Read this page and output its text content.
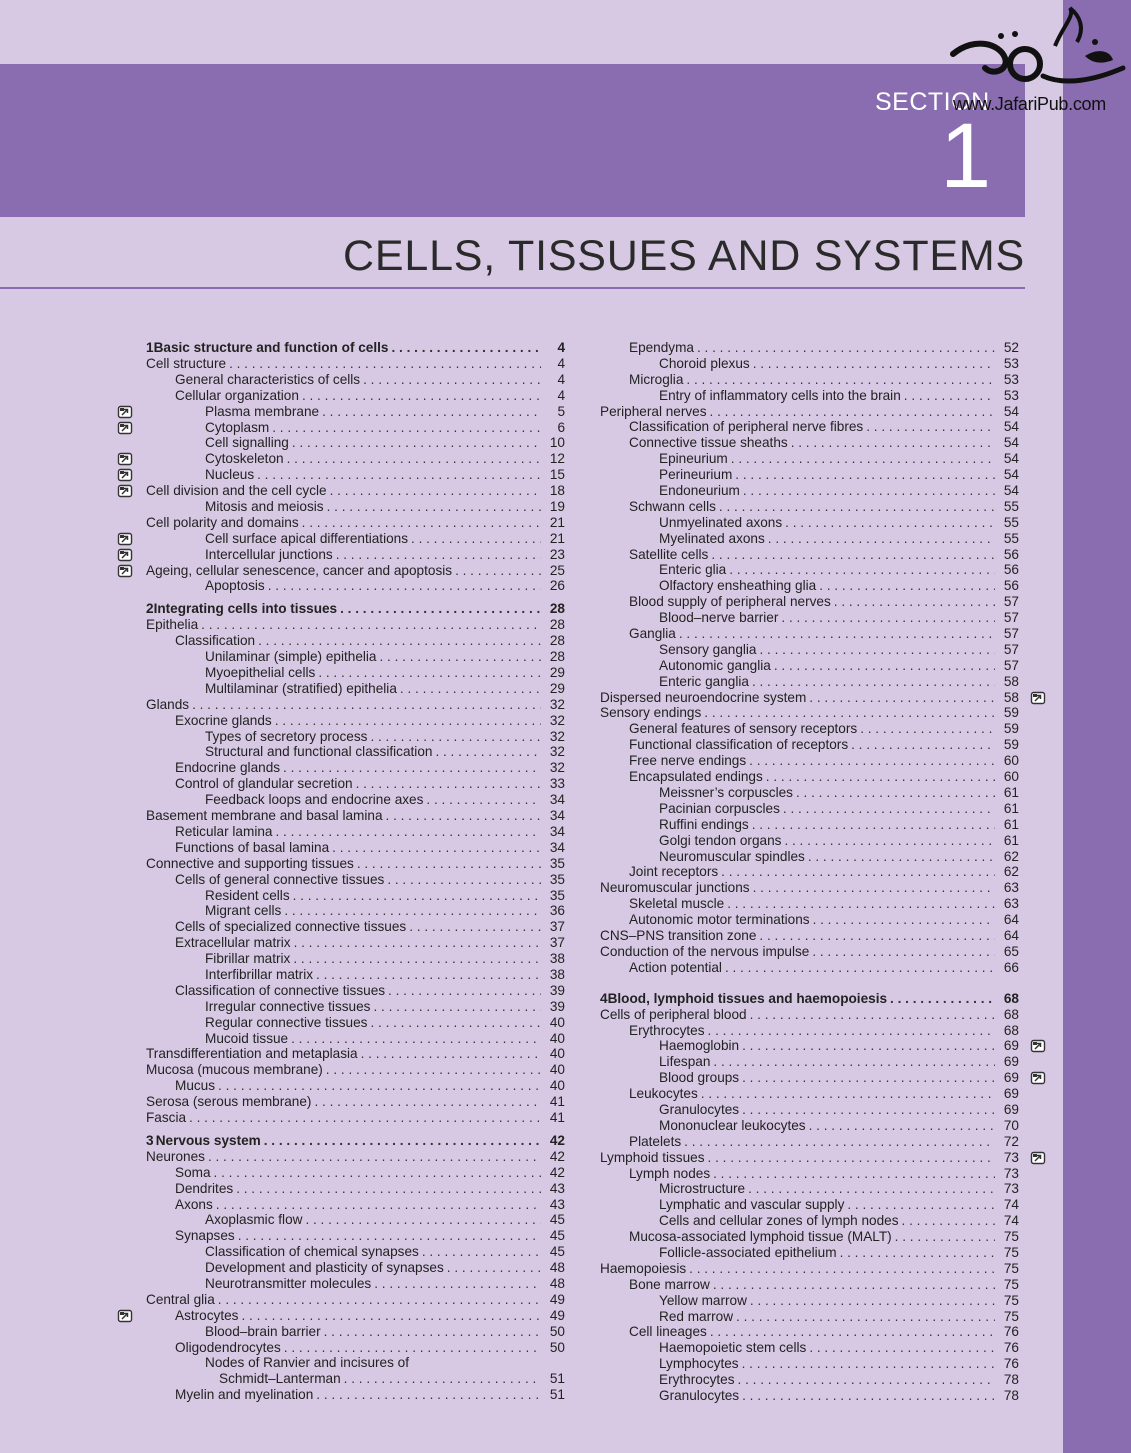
SECTION
1
www.JafariPub.com
CELLS, TISSUES AND SYSTEMS
1 Basic structure and function of cells . . .	4
Cell structure . . .	4
General characteristics of cells . . .	4
Cellular organization . . .	4
Plasma membrane . . .	5
Cytoplasm . . .	6
Cell signalling . . .	10
Cytoskeleton . . .	12
Nucleus . . .	15
Cell division and the cell cycle . . .	18
Mitosis and meiosis . . .	19
Cell polarity and domains . . .	21
Cell surface apical differentiations . . .	21
Intercellular junctions . . .	23
Ageing, cellular senescence, cancer and apoptosis . . .	25
Apoptosis . . .	26
2 Integrating cells into tissues . . .	28
Epithelia . . .	28
Classification . . .	28
Unilaminar (simple) epithelia . . .	28
Myoepithelial cells . . .	29
Multilaminar (stratified) epithelia . . .	29
Glands . . .	32
Exocrine glands . . .	32
Types of secretory process . . .	32
Structural and functional classification . . .	32
Endocrine glands . . .	32
Control of glandular secretion . . .	33
Feedback loops and endocrine axes . . .	34
Basement membrane and basal lamina . . .	34
Reticular lamina . . .	34
Functions of basal lamina . . .	34
Connective and supporting tissues . . .	35
Cells of general connective tissues . . .	35
Resident cells . . .	35
Migrant cells . . .	36
Cells of specialized connective tissues . . .	37
Extracellular matrix . . .	37
Fibrillar matrix . . .	38
Interfibrillar matrix . . .	38
Classification of connective tissues . . .	39
Irregular connective tissues . . .	39
Regular connective tissues . . .	40
Mucoid tissue . . .	40
Transdifferentiation and metaplasia . . .	40
Mucosa (mucous membrane) . . .	40
Mucus . . .	40
Serosa (serous membrane) . . .	41
Fascia . . .	41
3 Nervous system . . .	42
Neurones . . .	42
Soma . . .	42
Dendrites . . .	43
Axons . . .	43
Axoplasmic flow . . .	45
Synapses . . .	45
Classification of chemical synapses . . .	45
Development and plasticity of synapses . . .	48
Neurotransmitter molecules . . .	48
Central glia . . .	49
Astrocytes . . .	49
Blood–brain barrier . . .	50
Oligodendrocytes . . .	50
Nodes of Ranvier and incisures of
Schmidt–Lanterman . . .	51
Myelin and myelination . . .	51
Ependyma . . .	52
Choroid plexus . . .	53
Microglia . . .	53
Entry of inflammatory cells into the brain . . .	53
Peripheral nerves . . .	54
Classification of peripheral nerve fibres . . .	54
Connective tissue sheaths . . .	54
Epineurium . . .	54
Perineurium . . .	54
Endoneurium . . .	54
Schwann cells . . .	55
Unmyelinated axons . . .	55
Myelinated axons . . .	55
Satellite cells . . .	56
Enteric glia . . .	56
Olfactory ensheathing glia . . .	56
Blood supply of peripheral nerves . . .	57
Blood–nerve barrier . . .	57
Ganglia . . .	57
Sensory ganglia . . .	57
Autonomic ganglia . . .	57
Enteric ganglia . . .	58
Dispersed neuroendocrine system . . .	58
Sensory endings . . .	59
General features of sensory receptors . . .	59
Functional classification of receptors . . .	59
Free nerve endings . . .	60
Encapsulated endings . . .	60
Meissner’s corpuscles . . .	61
Pacinian corpuscles . . .	61
Ruffini endings . . .	61
Golgi tendon organs . . .	61
Neuromuscular spindles . . .	62
Joint receptors . . .	62
Neuromuscular junctions . . .	63
Skeletal muscle . . .	63
Autonomic motor terminations . . .	64
CNS–PNS transition zone . . .	64
Conduction of the nervous impulse . . .	65
Action potential . . .	66
4 Blood, lymphoid tissues and haemopoiesis . . .	68
Cells of peripheral blood . . .	68
Erythrocytes . . .	68
Haemoglobin . . .	69
Lifespan . . .	69
Blood groups . . .	69
Leukocytes . . .	69
Granulocytes . . .	69
Mononuclear leukocytes . . .	70
Platelets . . .	72
Lymphoid tissues . . .	73
Lymph nodes . . .	73
Microstructure . . .	73
Lymphatic and vascular supply . . .	74
Cells and cellular zones of lymph nodes . . .	74
Mucosa-associated lymphoid tissue (MALT) . . .	75
Follicle-associated epithelium . . .	75
Haemopoiesis . . .	75
Bone marrow . . .	75
Yellow marrow . . .	75
Red marrow . . .	75
Cell lineages . . .	76
Haemopoietic stem cells . . .	76
Lymphocytes . . .	76
Erythrocytes . . .	78
Granulocytes . . .	78
